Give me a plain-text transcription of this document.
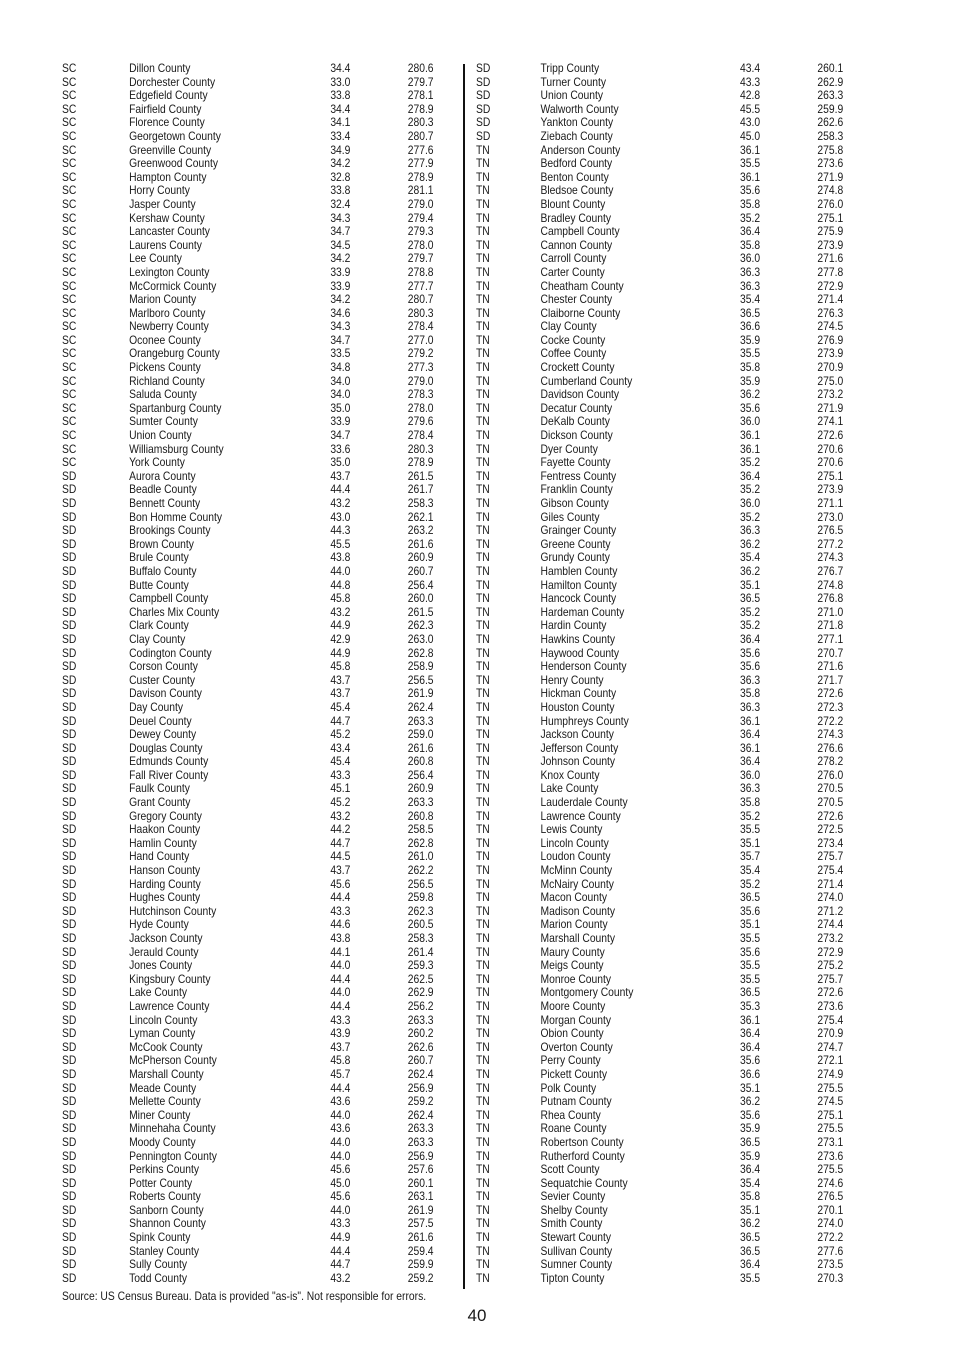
SC	Dillon County	34.4	280.6
SC	Dorchester County	33.0	279.7
SC	Edgefield County	33.8	278.1
SC	Fairfield County	34.4	278.9
SC	Florence County	34.1	280.3
SC	Georgetown County	33.4	280.7
SC	Greenville County	34.9	277.6
SC	Greenwood County	34.2	277.9
SC	Hampton County	32.8	278.9
SC	Horry County	33.8	281.1
SC	Jasper County	32.4	279.0
SC	Kershaw County	34.3	279.4
SC	Lancaster County	34.7	279.3
SC	Laurens County	34.5	278.0
SC	Lee County	34.2	279.7
SC	Lexington County	33.9	278.8
SC	McCormick County	33.9	277.7
SC	Marion County	34.2	280.7
SC	Marlboro County	34.6	280.3
SC	Newberry County	34.3	278.4
SC	Oconee County	34.7	277.0
SC	Orangeburg County	33.5	279.2
SC	Pickens County	34.8	277.3
SC	Richland County	34.0	279.0
SC	Saluda County	34.0	278.3
SC	Spartanburg County	35.0	278.0
SC	Sumter County	33.9	279.6
SC	Union County	34.7	278.4
SC	Williamsburg County	33.6	280.3
SC	York County	35.0	278.9
SD	Aurora County	43.7	261.5
SD	Beadle County	44.4	261.7
SD	Bennett County	43.2	258.3
SD	Bon Homme County	43.0	262.1
SD	Brookings County	44.3	263.2
SD	Brown County	45.5	261.6
SD	Brule County	43.8	260.9
SD	Buffalo County	44.0	260.7
SD	Butte County	44.8	256.4
SD	Campbell County	45.8	260.0
SD	Charles Mix County	43.2	261.5
SD	Clark County	44.9	262.3
SD	Clay County	42.9	263.0
SD	Codington County	44.9	262.8
SD	Corson County	45.8	258.9
SD	Custer County	43.7	256.5
SD	Davison County	43.7	261.9
SD	Day County	45.4	262.4
SD	Deuel County	44.7	263.3
SD	Dewey County	45.2	259.0
SD	Douglas County	43.4	261.6
SD	Edmunds County	45.4	260.8
SD	Fall River County	43.3	256.4
SD	Faulk County	45.1	260.9
SD	Grant County	45.2	263.3
SD	Gregory County	43.2	260.8
SD	Haakon County	44.2	258.5
SD	Hamlin County	44.7	262.8
SD	Hand County	44.5	261.0
SD	Hanson County	43.7	262.2
SD	Harding County	45.6	256.5
SD	Hughes County	44.4	259.8
SD	Hutchinson County	43.3	262.3
SD	Hyde County	44.6	260.5
SD	Jackson County	43.8	258.3
SD	Jerauld County	44.1	261.4
SD	Jones County	44.0	259.3
SD	Kingsbury County	44.4	262.5
SD	Lake County	44.0	262.9
SD	Lawrence County	44.4	256.2
SD	Lincoln County	43.3	263.3
SD	Lyman County	43.9	260.2
SD	McCook County	43.7	262.6
SD	McPherson County	45.8	260.7
SD	Marshall County	45.7	262.4
SD	Meade County	44.4	256.9
SD	Mellette County	43.6	259.2
SD	Miner County	44.0	262.4
SD	Minnehaha County	43.6	263.3
SD	Moody County	44.0	263.3
SD	Pennington County	44.0	256.9
SD	Perkins County	45.6	257.6
SD	Potter County	45.0	260.1
SD	Roberts County	45.6	263.1
SD	Sanborn County	44.0	261.9
SD	Shannon County	43.3	257.5
SD	Spink County	44.9	261.6
SD	Stanley County	44.4	259.4
SD	Sully County	44.7	259.9
SD	Todd County	43.2	259.2
SD	Tripp County	43.4	260.1
SD	Turner County	43.3	262.9
SD	Union County	42.8	263.3
SD	Walworth County	45.5	259.9
SD	Yankton County	43.0	262.6
SD	Ziebach County	45.0	258.3
TN	Anderson County	36.1	275.8
TN	Bedford County	35.5	273.6
TN	Benton County	36.1	271.9
TN	Bledsoe County	35.6	274.8
TN	Blount County	35.8	276.0
TN	Bradley County	35.2	275.1
TN	Campbell County	36.4	275.9
TN	Cannon County	35.8	273.9
TN	Carroll County	36.0	271.6
TN	Carter County	36.3	277.8
TN	Cheatham County	36.3	272.9
TN	Chester County	35.4	271.4
TN	Claiborne County	36.5	276.3
TN	Clay County	36.6	274.5
TN	Cocke County	35.9	276.9
TN	Coffee County	35.5	273.9
TN	Crockett County	35.8	270.9
TN	Cumberland County	35.9	275.0
TN	Davidson County	36.2	273.2
TN	Decatur County	35.6	271.9
TN	DeKalb County	36.0	274.1
TN	Dickson County	36.1	272.6
TN	Dyer County	36.1	270.6
TN	Fayette County	35.2	270.6
TN	Fentress County	36.4	275.1
TN	Franklin County	35.2	273.9
TN	Gibson County	36.0	271.1
TN	Giles County	35.2	273.0
TN	Grainger County	36.3	276.5
TN	Greene County	36.2	277.2
TN	Grundy County	35.4	274.3
TN	Hamblen County	36.2	276.7
TN	Hamilton County	35.1	274.8
TN	Hancock County	36.5	276.8
TN	Hardeman County	35.2	271.0
TN	Hardin County	35.2	271.8
TN	Hawkins County	36.4	277.1
TN	Haywood County	35.6	270.7
TN	Henderson County	35.6	271.6
TN	Henry County	36.3	271.7
TN	Hickman County	35.8	272.6
TN	Houston County	36.3	272.3
TN	Humphreys County	36.1	272.2
TN	Jackson County	36.4	274.3
TN	Jefferson County	36.1	276.6
TN	Johnson County	36.4	278.2
TN	Knox County	36.0	276.0
TN	Lake County	36.3	270.5
TN	Lauderdale County	35.8	270.5
TN	Lawrence County	35.2	272.6
TN	Lewis County	35.5	272.5
TN	Lincoln County	35.1	273.4
TN	Loudon County	35.7	275.7
TN	McMinn County	35.4	275.4
TN	McNairy County	35.2	271.4
TN	Macon County	36.5	274.0
TN	Madison County	35.6	271.2
TN	Marion County	35.1	274.4
TN	Marshall County	35.5	273.2
TN	Maury County	35.6	272.9
TN	Meigs County	35.5	275.2
TN	Monroe County	35.5	275.7
TN	Montgomery County	36.5	272.6
TN	Moore County	35.3	273.6
TN	Morgan County	36.1	275.4
TN	Obion County	36.4	270.9
TN	Overton County	36.4	274.7
TN	Perry County	35.6	272.1
TN	Pickett County	36.6	274.9
TN	Polk County	35.1	275.5
TN	Putnam County	36.2	274.5
TN	Rhea County	35.6	275.1
TN	Roane County	35.9	275.5
TN	Robertson County	36.5	273.1
TN	Rutherford County	35.9	273.6
TN	Scott County	36.4	275.5
TN	Sequatchie County	35.4	274.6
TN	Sevier County	35.8	276.5
TN	Shelby County	35.1	270.1
TN	Smith County	36.2	274.0
TN	Stewart County	36.5	272.2
TN	Sullivan County	36.5	277.6
TN	Sumner County	36.4	273.5
TN	Tipton County	35.5	270.3
Source: US Census Bureau. Data is provided "as-is". Not responsible for errors.
40
